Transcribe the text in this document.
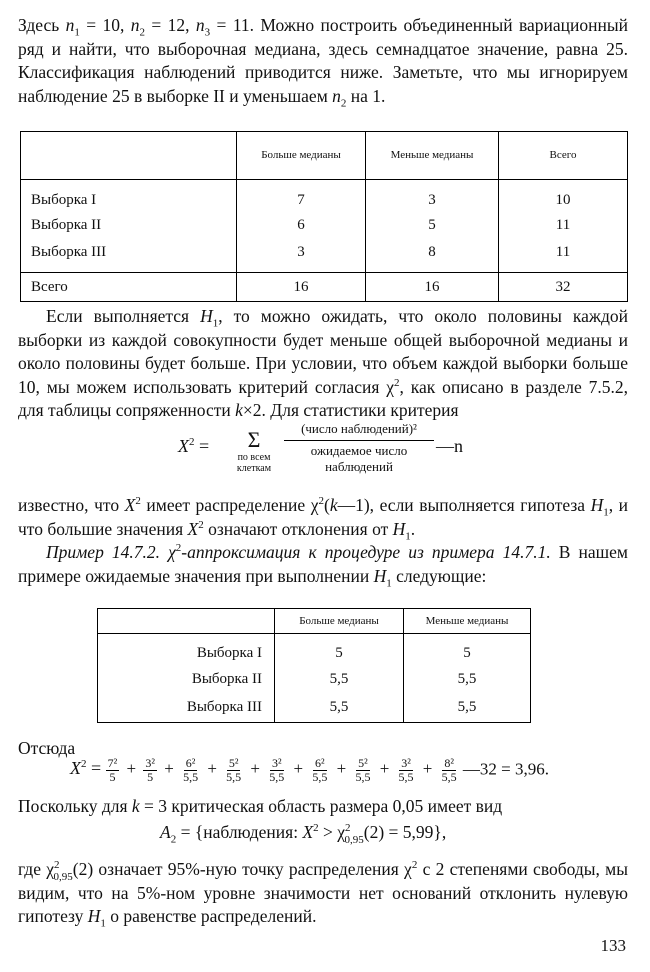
Здесь $n_1 = 10$, $n_2 = 12$, $n_3 = 11$. Можно построить объединенный вариационный ряд и найти, что выборочная медиана, здесь семнадцатое значение, равна 25. Классификация наблюдений приводится ниже. Заметьте, что мы игнорируем наблюдение 25 в выборке II и уменьшаем $n_2$ на 1.

	Больше медианы	Меньше медианы	Всего
Выборка I	7	3	10
Выборка II	6	5	11
Выборка III	3	8	11
Всего	16	16	32

Если выполняется $H_1$, то можно ожидать, что около половины каждой выборки из каждой совокупности будет меньше общей выборочной медианы и около половины будет больше. При условии, что объем каждой выборки больше 10, мы можем использовать критерий согласия $\chi^2$, как описано в разделе 7.5.2, для таблицы сопряженности k×2. Для статистики критерия

$X^2$ =	Σ
по всем
клеткам
(число наблюдений)²
ожидаемое число
наблюдений
—n

известно, что $X^2$ имеет распределение $\chi^2(k—1)$, если выполняется гипотеза $H_1$, и что большие значения $X^2$ означают отклонения от $H_1$.

Пример 14.7.2. $\chi^2$-аппроксимация к процедуре из примера 14.7.1. В нашем примере ожидаемые значения при выполнении $H_1$ следующие:

	Больше медианы	Меньше медианы
Выборка I	5	5
Выборка II	5,5	5,5
Выборка III	5,5	5,5

Отсюда

$X^2 = \frac{\text{7²}}{5} + \frac{\text{3²}}{5} + \frac{\text{6²}}{5,5} + \frac{\text{5²}}{5,5} + \frac{\text{3²}}{5,5} + \frac{\text{6²}}{5,5} + \frac{\text{5²}}{5,5} + \frac{\text{3²}}{5,5} + \frac{\text{8²}}{5,5}$ —32 = 3,96.

Поскольку для k = 3 критическая область размера 0,05 имеет вид

$A_2$ = {наблюдения: $X^2 > \chi^2_{0,95}(2) = 5,99$},

где $\chi^2_{0,95}(2)$ означает 95%-ную точку распределения $\chi^2$ с 2 степенями свободы, мы видим, что на 5%-ном уровне значимости нет оснований отклонить нулевую гипотезу $H_1$ о равенстве распределений.

133
